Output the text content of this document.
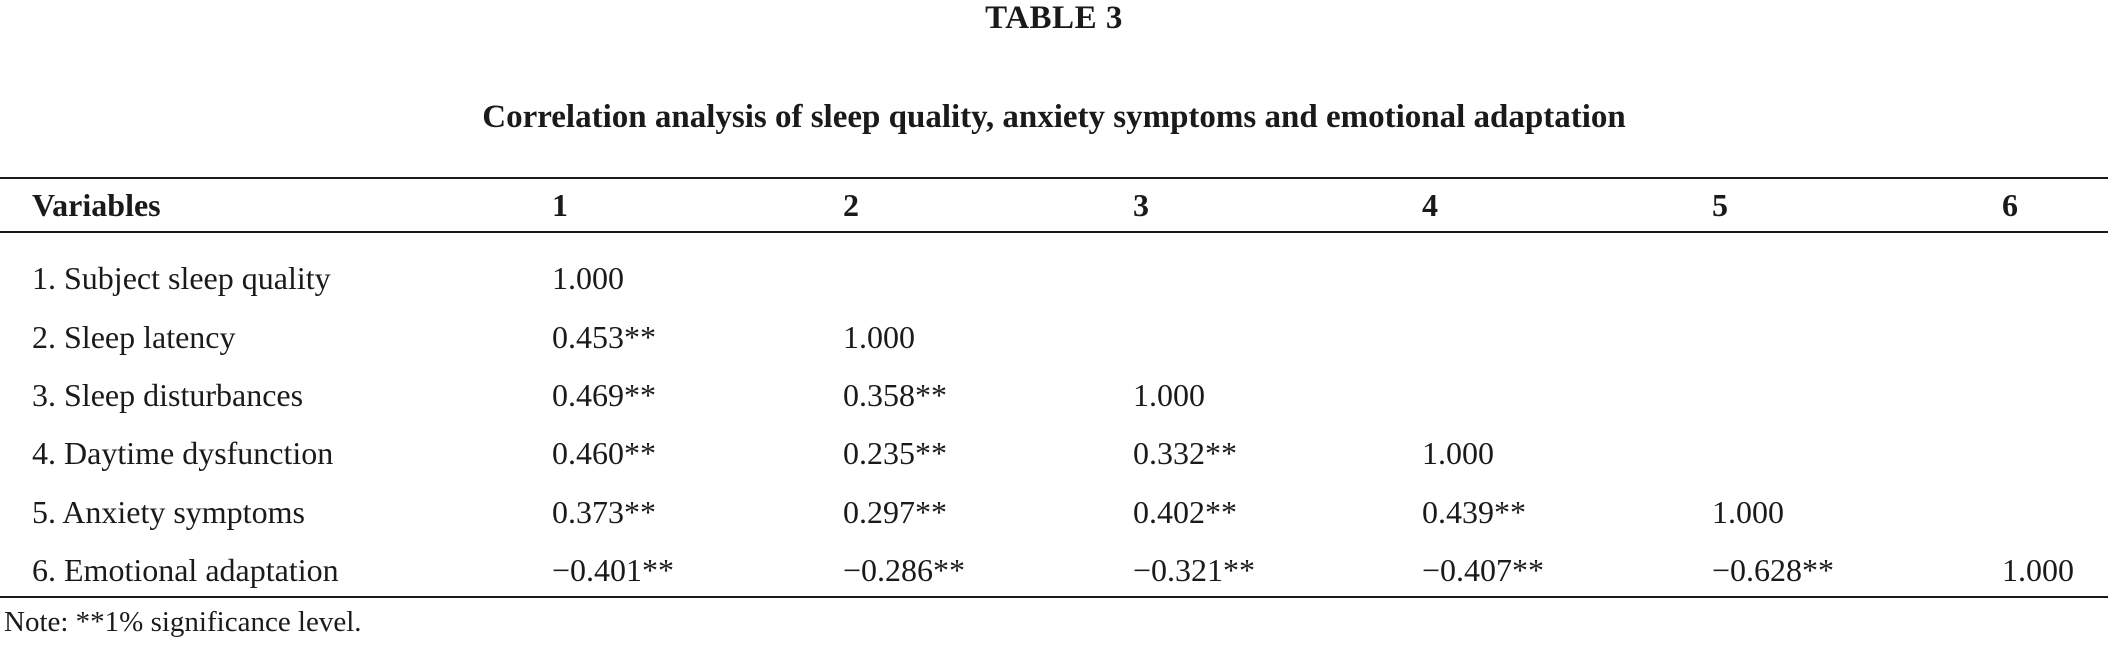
TABLE 3
Correlation analysis of sleep quality, anxiety symptoms and emotional adaptation
Variables	1	2	3	4	5	6
1. Subject sleep quality	1.000
2. Sleep latency	0.453**	1.000
3. Sleep disturbances	0.469**	0.358**	1.000
4. Daytime dysfunction	0.460**	0.235**	0.332**	1.000
5. Anxiety symptoms	0.373**	0.297**	0.402**	0.439**	1.000
6. Emotional adaptation	−0.401**	−0.286**	−0.321**	−0.407**	−0.628**	1.000
Note: **1% significance level.
